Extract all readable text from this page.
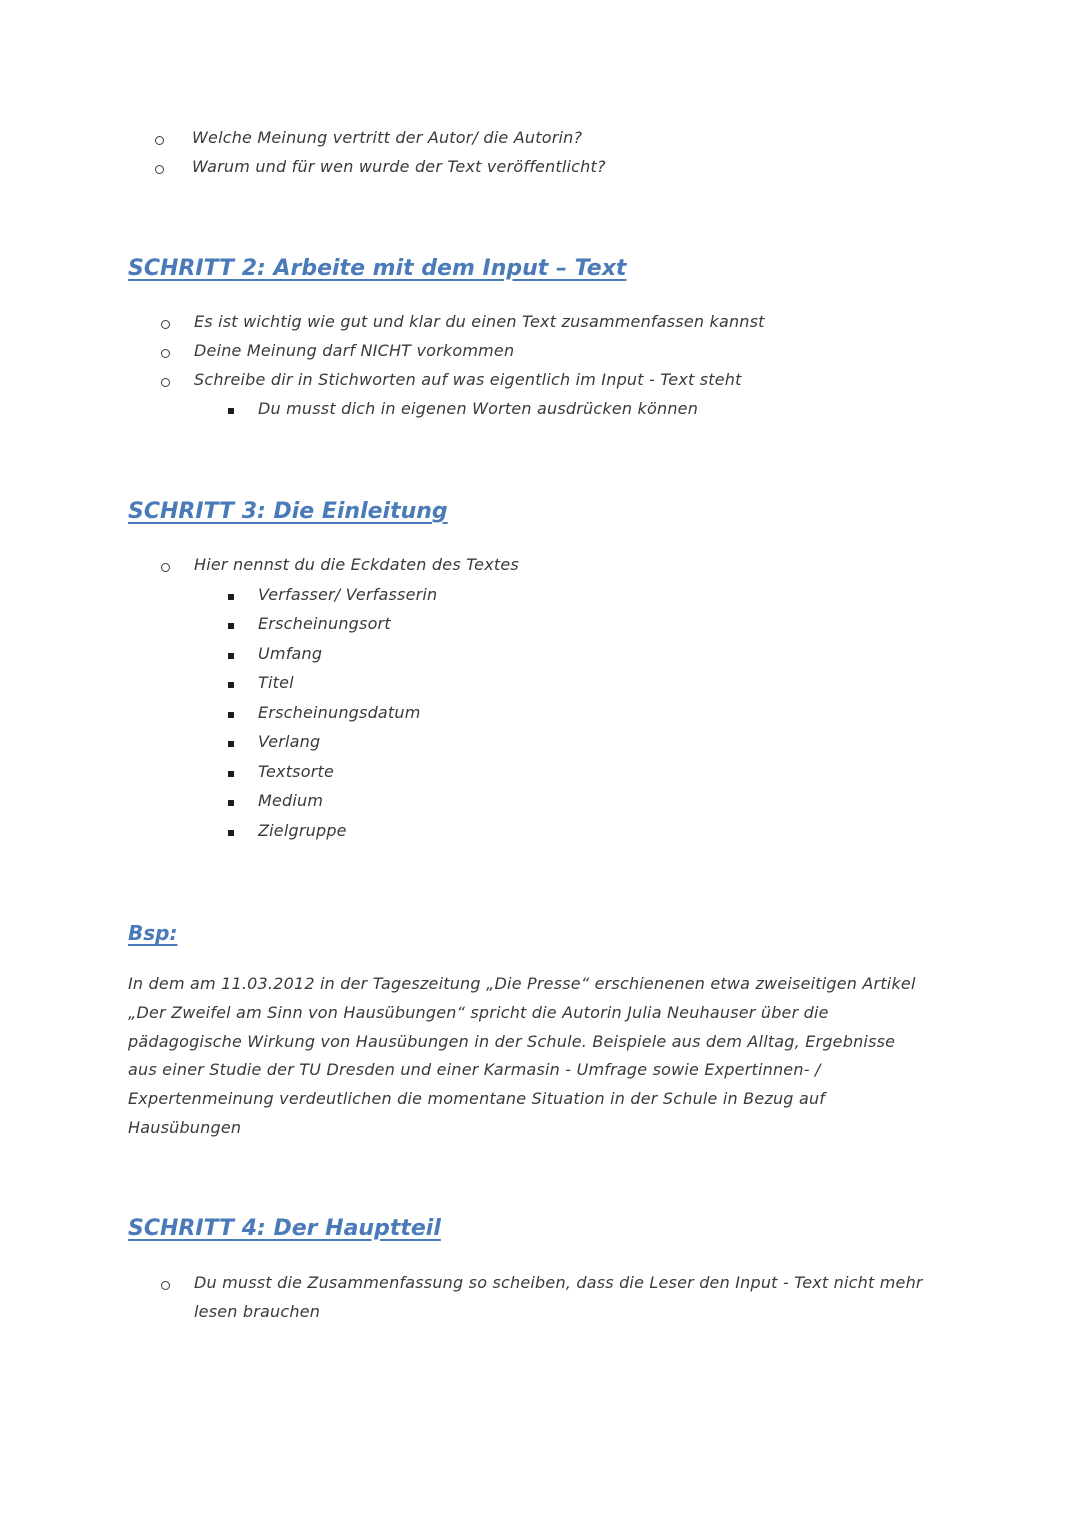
Welche Meinung vertritt der Autor/ die Autorin?
Warum und für wen wurde der Text veröffentlicht?
SCHRITT 2: Arbeite mit dem Input – Text
Es ist wichtig wie gut und klar du einen Text zusammenfassen kannst
Deine Meinung darf NICHT vorkommen
Schreibe dir in Stichworten auf was eigentlich im Input - Text steht
Du musst dich in eigenen Worten ausdrücken können
SCHRITT 3: Die Einleitung
Hier nennst du die Eckdaten des Textes
Verfasser/ Verfasserin
Erscheinungsort
Umfang
Titel
Erscheinungsdatum
Verlang
Textsorte
Medium
Zielgruppe
Bsp:
In dem am 11.03.2012 in der Tageszeitung „Die Presse“ erschienenen etwa zweiseitigen Artikel
„Der Zweifel am Sinn von Hausübungen“ spricht die Autorin Julia Neuhauser über die
pädagogische Wirkung von Hausübungen in der Schule. Beispiele aus dem Alltag, Ergebnisse
aus einer Studie der TU Dresden und einer Karmasin - Umfrage sowie Expertinnen- /
Expertenmeinung verdeutlichen die momentane Situation in der Schule in Bezug auf
Hausübungen
SCHRITT 4: Der Hauptteil
Du musst die Zusammenfassung so scheiben, dass die Leser den Input - Text nicht mehr
lesen brauchen
